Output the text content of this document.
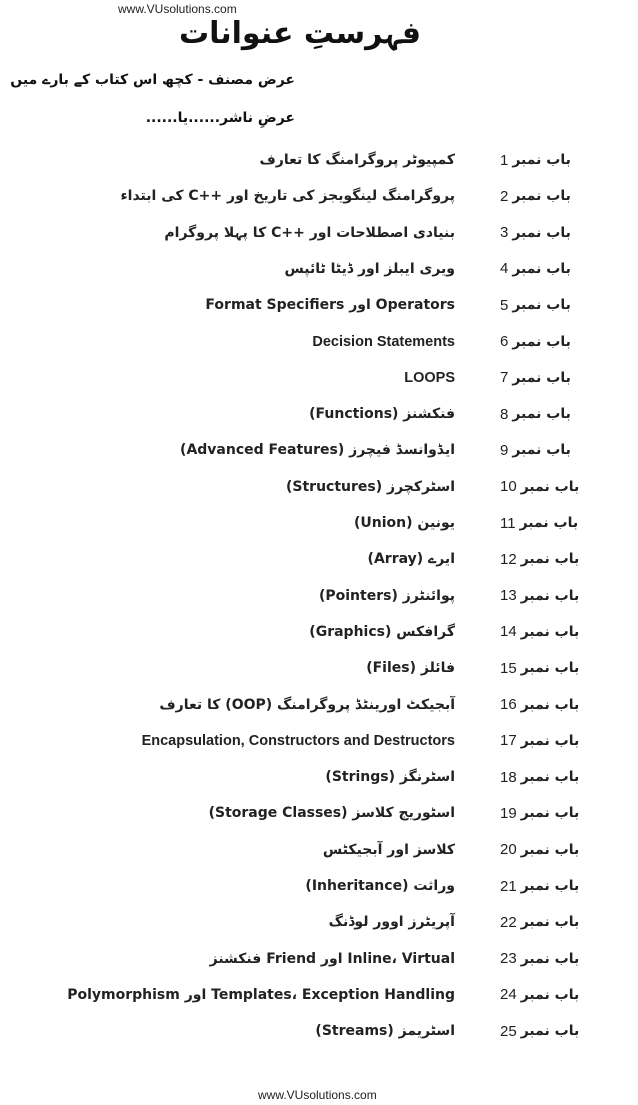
www.VUsolutions.com
فہرستِ عنوانات
عرض مصنف - کچھ اس کتاب کے بارے میں
عرضِ ناشر......یا......
کمپیوٹر پروگرامنگ کا تعارف	1 باب نمبر
پروگرامنگ لینگویجز کی تاریخ اور ++C کی ابتداء	2 باب نمبر
بنیادی اصطلاحات اور ++C کا پہلا پروگرام	3 باب نمبر
ویری ایبلز اور ڈیٹا ٹائپس	4 باب نمبر
Operators اور Format Specifiers	5 باب نمبر
Decision Statements	6 باب نمبر
LOOPS	7 باب نمبر
فنکشنز (Functions)	8 باب نمبر
ایڈوانسڈ فیچرز (Advanced Features)	9 باب نمبر
اسٹرکچرز (Structures)	10 باب نمبر
یونین (Union)	11 باب نمبر
ایرے (Array)	12 باب نمبر
پوائنٹرز (Pointers)	13 باب نمبر
گرافکس (Graphics)	14 باب نمبر
فائلز (Files)	15 باب نمبر
آبجیکٹ اورینٹڈ پروگرامنگ (OOP) کا تعارف	16 باب نمبر
Encapsulation, Constructors and Destructors	17 باب نمبر
اسٹرنگز (Strings)	18 باب نمبر
اسٹوریج کلاسز (Storage Classes)	19 باب نمبر
کلاسز اور آبجیکٹس	20 باب نمبر
وراثت (Inheritance)	21 باب نمبر
آپریٹرز اوور لوڈنگ	22 باب نمبر
Inline، Virtual اور Friend فنکشنز	23 باب نمبر
Templates، Exception Handling اور Polymorphism	24 باب نمبر
اسٹریمز (Streams)	25 باب نمبر
www.VUsolutions.com
